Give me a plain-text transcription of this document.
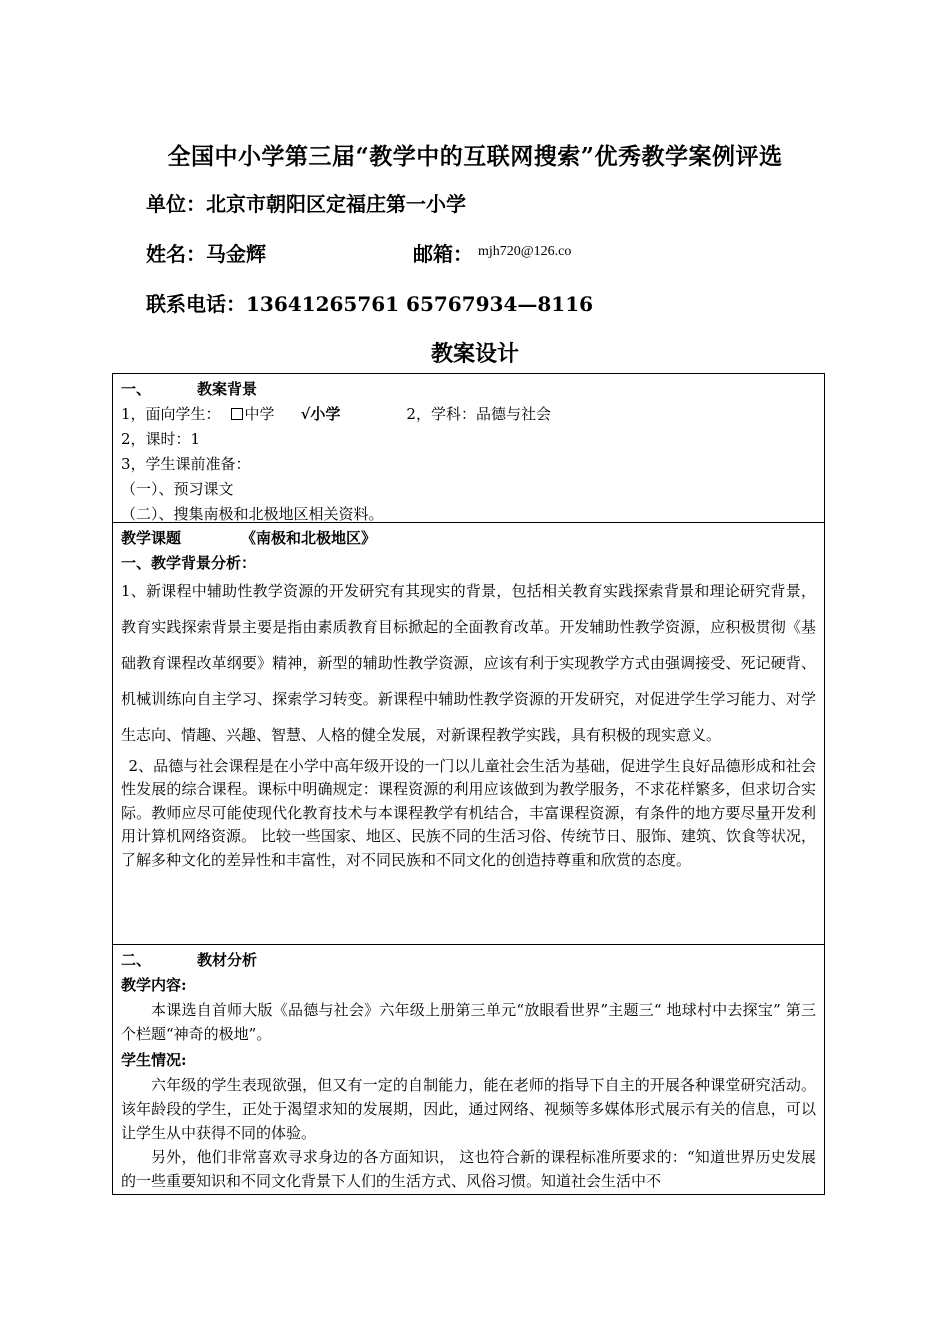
全国中小学第三届“教学中的互联网搜索”优秀教学案例评选
单位：北京市朝阳区定福庄第一小学
姓名：马金辉	邮箱： mjh720@126.co
联系电话：13641265761 65767934—8116
教案设计
一、	教案背景
1，面向学生： 中学 √小学	2，学科：品德与社会
2，课时：1
3，学生课前准备：
（一）、预习课文
（二）、搜集南极和北极地区相关资料。
教学课题	《南极和北极地区》
一、教学背景分析：

1、新课程中辅助性教学资源的开发研究有其现实的背景，包括相关教育实践探索背景和理论研究背景，教育实践探索背景主要是指由素质教育目标掀起的全面教育改革。开发辅助性教学资源，应积极贯彻《基础教育课程改革纲要》精神，新型的辅助性教学资源，应该有利于实现教学方式由强调接受、死记硬背、机械训练向自主学习、探索学习转变。新课程中辅助性教学资源的开发研究，对促进学生学习能力、对学生志向、情趣、兴趣、智慧、人格的健全发展，对新课程教学实践，具有积极的现实意义。

2、品德与社会课程是在小学中高年级开设的一门以儿童社会生活为基础，促进学生良好品德形成和社会性发展的综合课程。课标中明确规定：课程资源的利用应该做到为教学服务，不求花样繁多，但求切合实际。教师应尽可能使现代化教育技术与本课程教学有机结合，丰富课程资源，有条件的地方要尽量开发利用计算机网络资源。 比较一些国家、地区、民族不同的生活习俗、传统节日、服饰、建筑、饮食等状况，了解多种文化的差异性和丰富性，对不同民族和不同文化的创造持尊重和欣赏的态度。

二、	教材分析
教学内容:

本课选自首师大版《品德与社会》六年级上册第三单元“放眼看世界”主题三“ 地球村中去探宝” 第三个栏题“神奇的极地”。

学生情况:

六年级的学生表现欲强，但又有一定的自制能力，能在老师的指导下自主的开展各种课堂研究活动。该年龄段的学生，正处于渴望求知的发展期，因此，通过网络、视频等多媒体形式展示有关的信息，可以让学生从中获得不同的体验。

另外，他们非常喜欢寻求身边的各方面知识， 这也符合新的课程标准所要求的：“知道世界历史发展的一些重要知识和不同文化背景下人们的生活方式、风俗习惯。知道社会生活中不
